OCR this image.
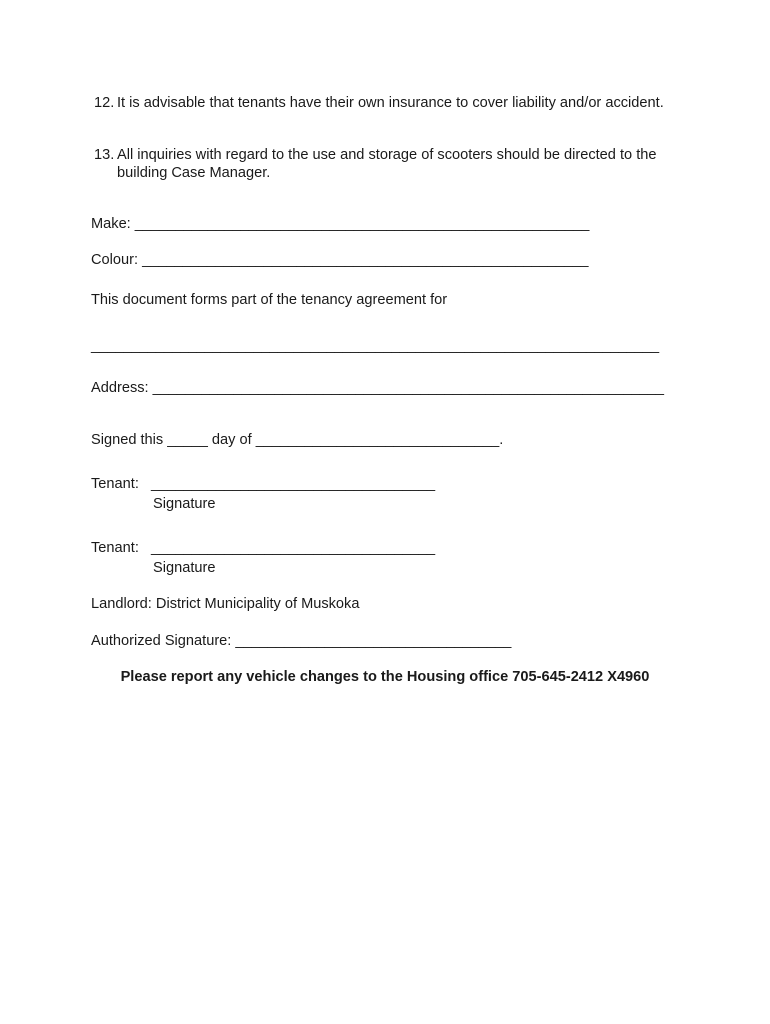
12. It is advisable that tenants have their own insurance to cover liability and/or accident.
13. All inquiries with regard to the use and storage of scooters should be directed to the building Case Manager.
Make: ________________________________________________________
Colour: _______________________________________________________
This document forms part of the tenancy agreement for
______________________________________________________________________
Address: _______________________________________________________________
Signed this _____ day of ______________________________.
Tenant:   ___________________________________
Signature
Tenant:   ___________________________________
Signature
Landlord: District Municipality of Muskoka
Authorized Signature: __________________________________
Please report any vehicle changes to the Housing office 705-645-2412 X4960
